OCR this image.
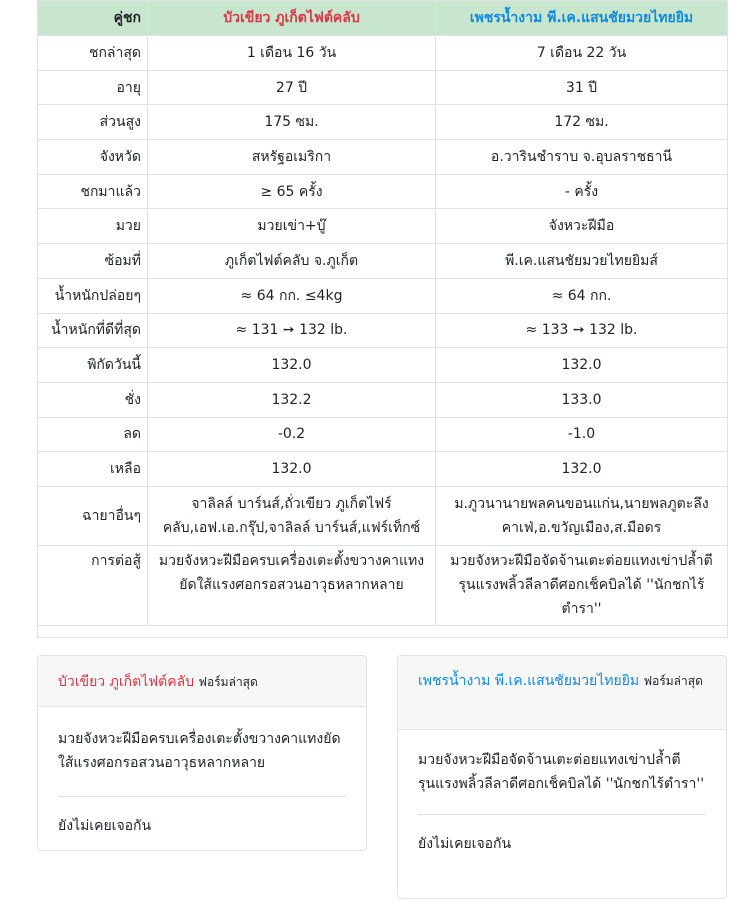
คู่ชก	บัวเขียว ภูเก็ตไฟต์คลับ	เพชรน้ำงาม พี.เค.แสนชัยมวยไทยยิม
ชกล่าสุด	1 เดือน 16 วัน	7 เดือน 22 วัน
อายุ	27 ปี	31 ปี
ส่วนสูง	175 ซม.	172 ซม.
จังหวัด	สหรัฐอเมริกา	อ.วารินชำราบ จ.อุบลราชธานี
ชกมาแล้ว	≥ 65 ครั้ง	- ครั้ง
มวย	มวยเข่า+บู๊	จังหวะฝีมือ
ซ้อมที่	ภูเก็ตไฟต์คลับ จ.ภูเก็ต	พี.เค.แสนชัยมวยไทยยิมส์
น้ำหนักปล่อยๆ	≈ 64 กก. ≤4kg	≈ 64 กก.
น้ำหนักที่ดีที่สุด	≈ 131 ➙ 132 lb.	≈ 133 ➙ 132 lb.
พิกัดวันนี้	132.0	132.0
ชั่ง	132.2	133.0
ลด	-0.2	-1.0
เหลือ	132.0	132.0
ฉายาอื่นๆ	จาลิลล์ บาร์นส์,ถั่วเขียว ภูเก็ตไฟร์คลับ,เอฟ.เอ.กรุ๊ป,จาลิลล์ บาร์นส์,แฟร์เท็กซ์	ม.ภูวนานายพลคนขอนแก่น,นายพลภูตะลึงคาเฟ่,อ.ขวัญเมือง,ส.มือดร
การต่อสู้	มวยจังหวะฝีมือครบเครื่องเตะตั้งขวางคาแทงยัดใส้แรงศอกรอสวนอาวุธหลากหลาย	มวยจังหวะฝีมือจัดจ้านเตะต่อยแทงเข่าปล้ำตีรุนแรงพลิ้วลีลาดีศอกเช็คบิลได้ ''นักชกไร้ตำรา''

บัวเขียว ภูเก็ตไฟต์คลับ ฟอร์มล่าสุด

มวยจังหวะฝีมือครบเครื่องเตะตั้งขวางคาแทงยัดใส้แรงศอกรอสวนอาวุธหลากหลาย

ยังไม่เคยเจอกัน

เพชรน้ำงาม พี.เค.แสนชัยมวยไทยยิม ฟอร์มล่าสุด

มวยจังหวะฝีมือจัดจ้านเตะต่อยแทงเข่าปล้ำตีรุนแรงพลิ้วลีลาดีศอกเช็คบิลได้ ''นักชกไร้ตำรา''

ยังไม่เคยเจอกัน
